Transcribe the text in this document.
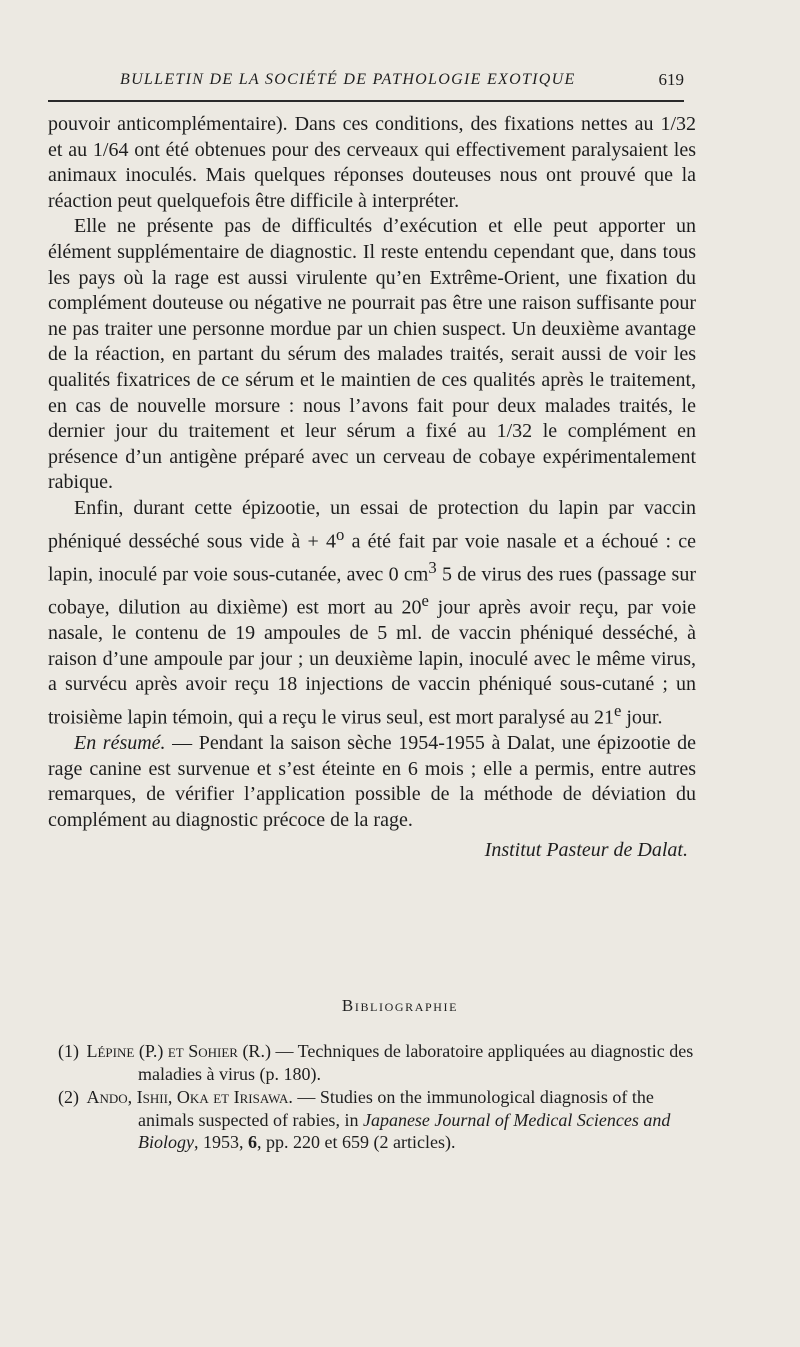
BULLETIN DE LA SOCIÉTÉ DE PATHOLOGIE EXOTIQUE	619

pouvoir anticomplémentaire). Dans ces conditions, des fixations nettes au 1/32 et au 1/64 ont été obtenues pour des cerveaux qui effectivement paralysaient les animaux inoculés. Mais quelques réponses douteuses nous ont prouvé que la réaction peut quelquefois être difficile à interpréter.

Elle ne présente pas de difficultés d’exécution et elle peut apporter un élément supplémentaire de diagnostic. Il reste entendu cependant que, dans tous les pays où la rage est aussi virulente qu’en Extrême-Orient, une fixation du complément douteuse ou négative ne pourrait pas être une raison suffisante pour ne pas traiter une personne mordue par un chien suspect. Un deuxième avantage de la réaction, en partant du sérum des malades traités, serait aussi de voir les qualités fixatrices de ce sérum et le maintien de ces qualités après le traitement, en cas de nouvelle morsure : nous l’avons fait pour deux malades traités, le dernier jour du traitement et leur sérum a fixé au 1/32 le complément en présence d’un antigène préparé avec un cerveau de cobaye expérimentalement rabique.

Enfin, durant cette épizootie, un essai de protection du lapin par vaccin phéniqué desséché sous vide à + $4^o$ a été fait par voie nasale et a échoué : ce lapin, inoculé par voie sous-cutanée, avec 0 $cm^3$ 5 de virus des rues (passage sur cobaye, dilution au dixième) est mort au 20e jour après avoir reçu, par voie nasale, le contenu de 19 ampoules de 5 ml. de vaccin phéniqué desséché, à raison d’une ampoule par jour ; un deuxième lapin, inoculé avec le même virus, a survécu après avoir reçu 18 injections de vaccin phéniqué sous-cutané ; un troisième lapin témoin, qui a reçu le virus seul, est mort paralysé au 21e jour.

En résumé. — Pendant la saison sèche 1954-1955 à Dalat, une épizootie de rage canine est survenue et s’est éteinte en 6 mois ; elle a permis, entre autres remarques, de vérifier l’application possible de la méthode de déviation du complément au diagnostic précoce de la rage.

Institut Pasteur de Dalat.
Bibliographie
(1) Lépine (P.) et Sohier (R.) — Techniques de laboratoire appliquées au diagnostic des maladies à virus (p. 180).
(2) Ando, Ishii, Oka et Irisawa. — Studies on the immunological diagnosis of the animals suspected of rabies, in Japanese Journal of Medical Sciences and Biology, 1953, 6, pp. 220 et 659 (2 articles).
